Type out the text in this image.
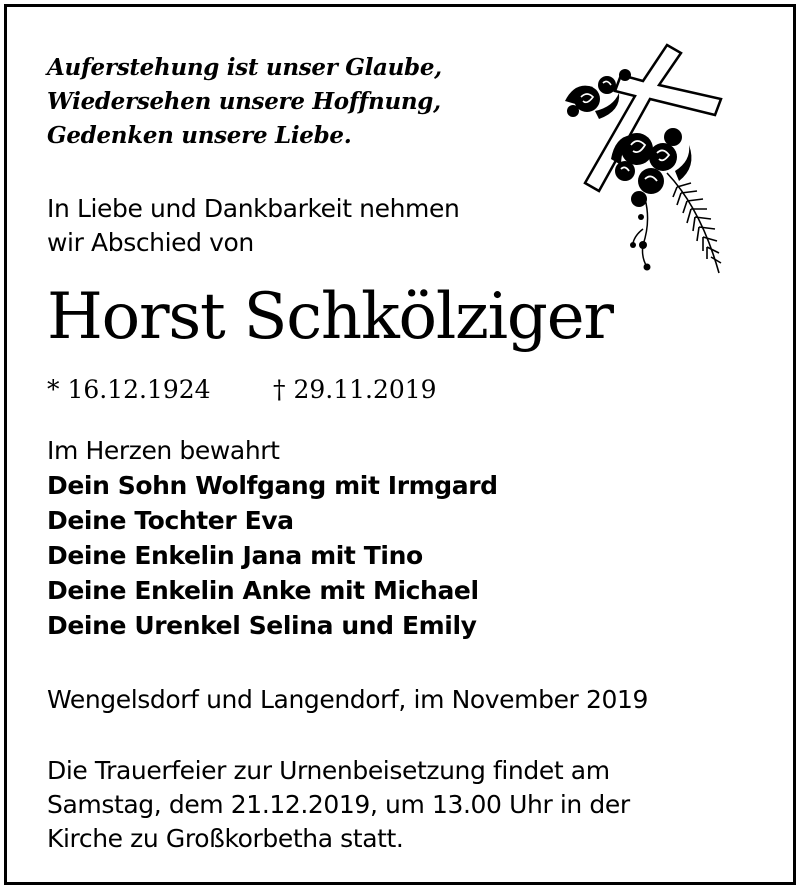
Auferstehung ist unser Glaube,
Wiedersehen unsere Hoffnung,
Gedenken unsere Liebe.
In Liebe und Dankbarkeit nehmen
wir Abschied von
Horst Schkölziger
* 16.12.1924 † 29.11.2019
Im Herzen bewahrt
Dein Sohn Wolfgang mit Irmgard
Deine Tochter Eva
Deine Enkelin Jana mit Tino
Deine Enkelin Anke mit Michael
Deine Urenkel Selina und Emily
Wengelsdorf und Langendorf, im November 2019
Die Trauerfeier zur Urnenbeisetzung findet am
Samstag, dem 21.12.2019, um 13.00 Uhr in der
Kirche zu Großkorbetha statt.
